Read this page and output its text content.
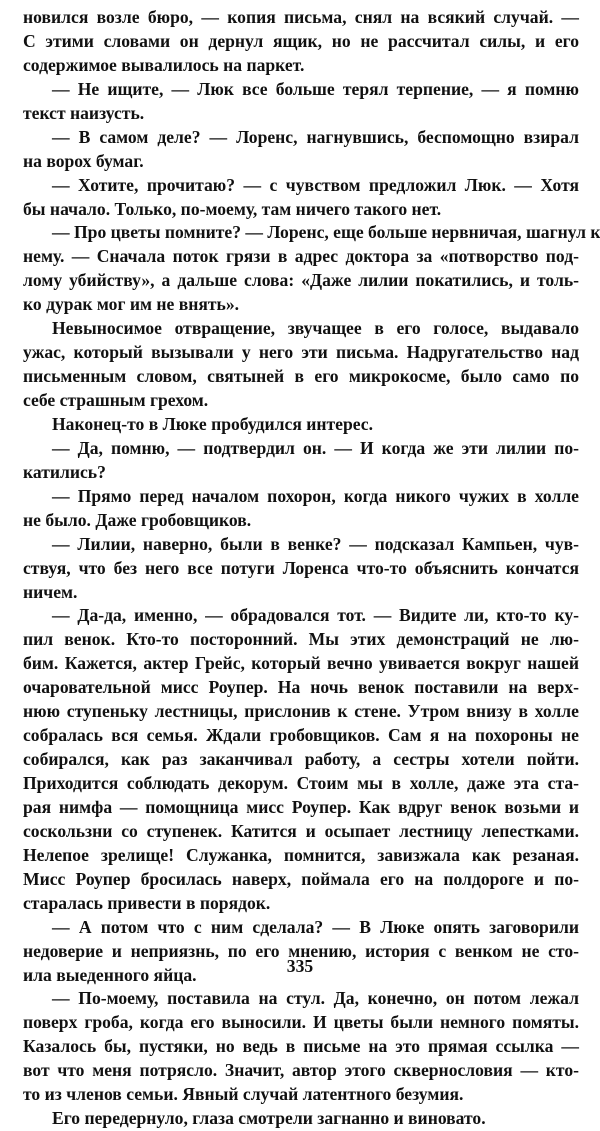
новился возле бюро, — копия письма, снял на всякий случай. —
С этими словами он дернул ящик, но не рассчитал силы, и его
содержимое вывалилось на паркет.
— Не ищите, — Люк все больше терял терпение, — я помню
текст наизусть.
— В самом деле? — Лоренс, нагнувшись, беспомощно взирал
на ворох бумаг.
— Хотите, прочитаю? — с чувством предложил Люк. — Хотя
бы начало. Только, по-моему, там ничего такого нет.
— Про цветы помните? — Лоренс, еще больше нервничая, шагнул к
нему. — Сначала поток грязи в адрес доктора за «потворство под-
лому убийству», а дальше слова: «Даже лилии покатились, и толь-
ко дурак мог им не внять».
Невыносимое отвращение, звучащее в его голосе, выдавало
ужас, который вызывали у него эти письма. Надругательство над
письменным словом, святыней в его микрокосме, было само по
себе страшным грехом.
Наконец-то в Люке пробудился интерес.
— Да, помню, — подтвердил он. — И когда же эти лилии по-
катились?
— Прямо перед началом похорон, когда никого чужих в холле
не было. Даже гробовщиков.
— Лилии, наверно, были в венке? — подсказал Кампьен, чув-
ствуя, что без него все потуги Лоренса что-то объяснить кончатся
ничем.
— Да-да, именно, — обрадовался тот. — Видите ли, кто-то ку-
пил венок. Кто-то посторонний. Мы этих демонстраций не лю-
бим. Кажется, актер Грейс, который вечно увивается вокруг нашей
очаровательной мисс Роупер. На ночь венок поставили на верх-
нюю ступеньку лестницы, прислонив к стене. Утром внизу в холле
собралась вся семья. Ждали гробовщиков. Сам я на похороны не
собирался, как раз заканчивал работу, а сестры хотели пойти.
Приходится соблюдать декорум. Стоим мы в холле, даже эта ста-
рая нимфа — помощница мисс Роупер. Как вдруг венок возьми и
соскользни со ступенек. Катится и осыпает лестницу лепестками.
Нелепое зрелище! Служанка, помнится, завизжала как резаная.
Мисс Роупер бросилась наверх, поймала его на полдороге и по-
старалась привести в порядок.
— А потом что с ним сделала? — В Люке опять заговорили
недоверие и неприязнь, по его мнению, история с венком не сто-
ила выеденного яйца.
— По-моему, поставила на стул. Да, конечно, он потом лежал
поверх гроба, когда его выносили. И цветы были немного помяты.
Казалось бы, пустяки, но ведь в письме на это прямая ссылка —
вот что меня потрясло. Значит, автор этого сквернословия — кто-
то из членов семьи. Явный случай латентного безумия.
Его передернуло, глаза смотрели загнанно и виновато.
335
